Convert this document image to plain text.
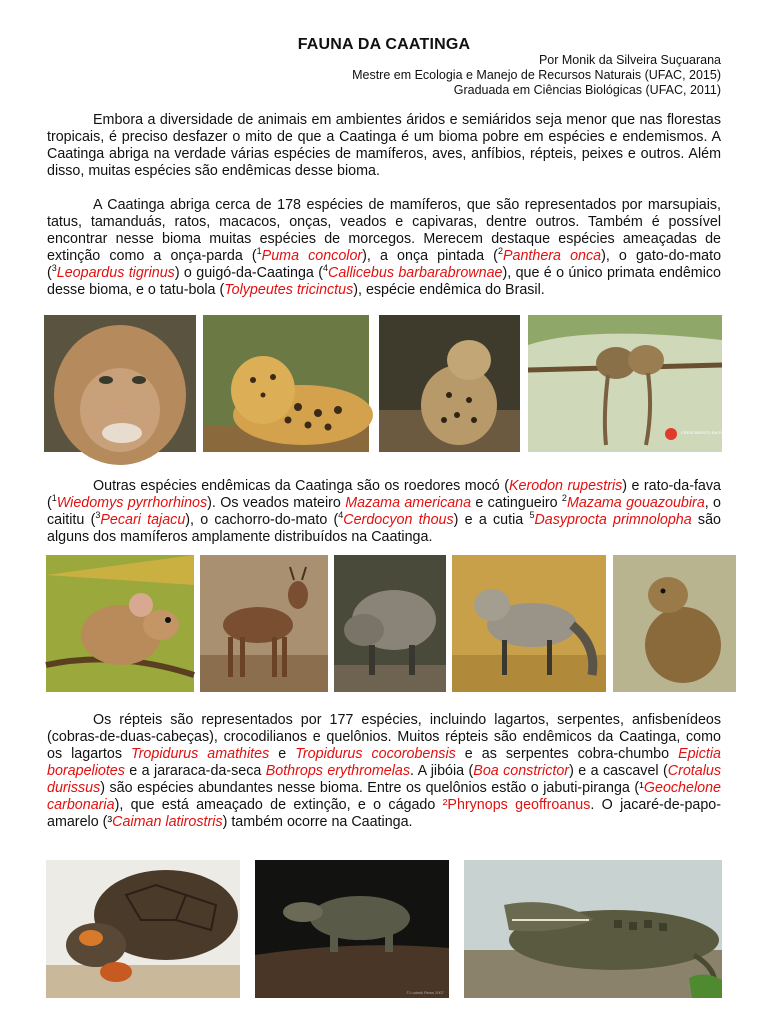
FAUNA DA CAATINGA
Por Monik da Silveira Suçuarana
Mestre em Ecologia e Manejo de Recursos Naturais (UFAC, 2015)
Graduada em Ciências Biológicas (UFAC, 2011)

Embora a diversidade de animais em ambientes áridos e semiáridos seja menor que nas florestas tropicais, é preciso desfazer o mito de que a Caatinga é um bioma pobre em espécies e endemismos. A Caatinga abriga na verdade várias espécies de mamíferos, aves, anfíbios, répteis, peixes e outros. Além disso, muitas espécies são endêmicas desse bioma.

A Caatinga abriga cerca de 178 espécies de mamíferos, que são representados por marsupiais, tatus, tamanduás, ratos, macacos, onças, veados e capivaras, dentre outros. Também é possível encontrar nesse bioma muitas espécies de morcegos. Merecem destaque espécies ameaçadas de extinção como a onça-parda ($^1$Puma concolor), a onça pintada ($^2$Panthera onca), o gato-do-mato ($^3$Leopardus tigrinus) o guigó-da-Caatinga ($^4$Callicebus barbarabrownae), que é o único primata endêmico desse bioma, e o tatu-bola (Tolypeutes tricinctus), espécie endêmica do Brasil.

CRESCIMENTO EM FOCO

Outras espécies endêmicas da Caatinga são os roedores mocó (Kerodon rupestris) e rato-da-fava ($^1$Wiedomys pyrrhorhinos). Os veados mateiro Mazama americana e catingueiro $^2$Mazama gouazoubira, o caititu ($^3$Pecari tajacu), o cachorro-do-mato ($^4$Cerdocyon thous) e a cutia $^5$Dasyprocta primnolopha são alguns dos mamíferos amplamente distribuídos na Caatinga.

Os répteis são representados por 177 espécies, incluindo lagartos, serpentes, anfisbenídeos (cobras-de-duas-cabeças), crocodilianos e quelônios. Muitos répteis são endêmicos da Caatinga, como os lagartos Tropidurus amathites e Tropidurus cocorobensis e as serpentes cobra-chumbo Epictia borapeliotes e a jararaca-da-seca Bothrops erythromelas. A jibóia (Boa constrictor) e a cascavel (Crotalus durissus) são espécies abundantes nesse bioma. Entre os quelônios estão o jabuti-piranga (¹Geochelone carbonaria), que está ameaçado de extinção, e o cágado ²Phrynops geoffroanus. O jacaré-de-papo-amarelo (³Caiman latirostris) também ocorre na Caatinga.

© Ludwik Reiss 2007
